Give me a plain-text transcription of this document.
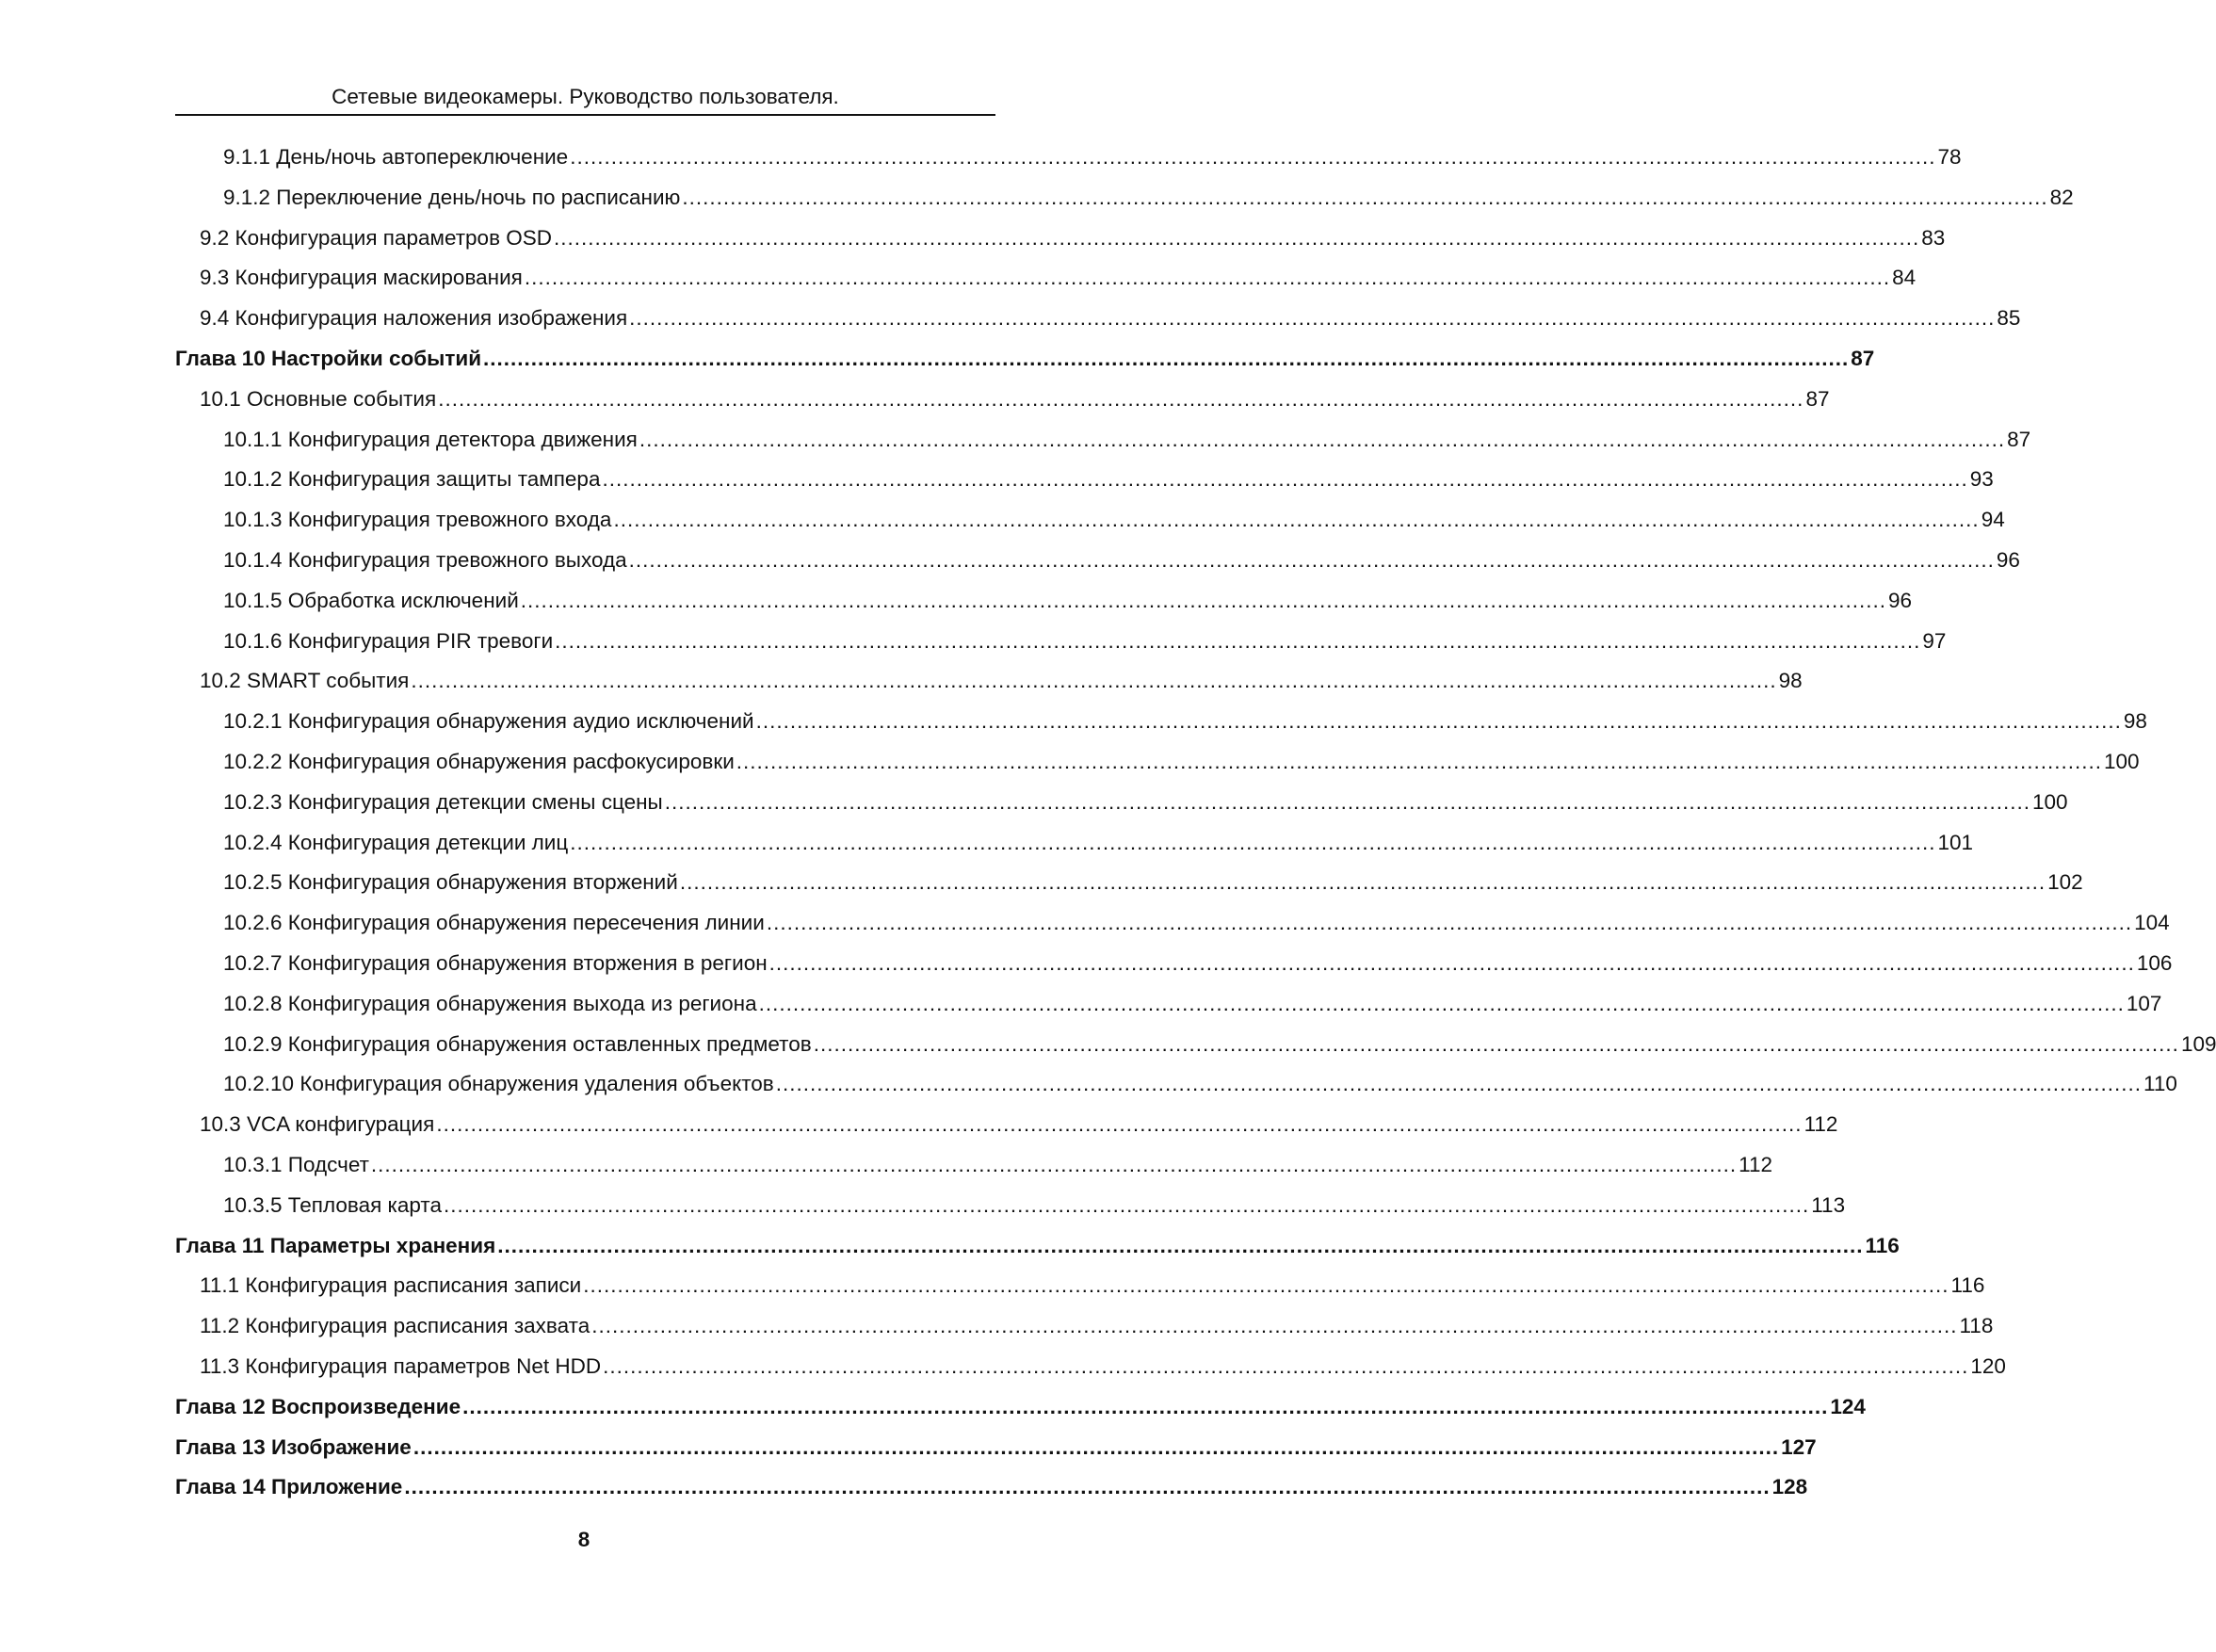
Сетевые видеокамеры. Руководство пользователя.
9.1.1 День/ночь автопереключение ........................................................................................................................................................................................................ 78
9.1.2 Переключение день/ночь по расписанию ........................................................................................................................................................................................................ 82
9.2 Конфигурация параметров OSD ........................................................................................................................................................................................................ 83
9.3 Конфигурация маскирования ........................................................................................................................................................................................................ 84
9.4 Конфигурация наложения изображения ........................................................................................................................................................................................................ 85
Глава 10 Настройки событий ........................................................................................................................................................................................................ 87
10.1 Основные события ........................................................................................................................................................................................................ 87
10.1.1 Конфигурация детектора движения ........................................................................................................................................................................................................ 87
10.1.2 Конфигурация защиты тампера ........................................................................................................................................................................................................ 93
10.1.3 Конфигурация тревожного входа ........................................................................................................................................................................................................ 94
10.1.4 Конфигурация тревожного выхода ........................................................................................................................................................................................................ 96
10.1.5 Обработка исключений ........................................................................................................................................................................................................ 96
10.1.6 Конфигурация PIR тревоги ........................................................................................................................................................................................................ 97
10.2 SMART события ........................................................................................................................................................................................................ 98
10.2.1 Конфигурация обнаружения аудио исключений ........................................................................................................................................................................................................ 98
10.2.2 Конфигурация обнаружения расфокусировки ........................................................................................................................................................................................................ 100
10.2.3 Конфигурация детекции смены сцены ........................................................................................................................................................................................................ 100
10.2.4 Конфигурация детекции лиц ........................................................................................................................................................................................................ 101
10.2.5 Конфигурация обнаружения вторжений ........................................................................................................................................................................................................ 102
10.2.6 Конфигурация обнаружения пересечения линии ........................................................................................................................................................................................................ 104
10.2.7 Конфигурация обнаружения вторжения в регион ........................................................................................................................................................................................................ 106
10.2.8 Конфигурация обнаружения выхода из региона ........................................................................................................................................................................................................ 107
10.2.9 Конфигурация обнаружения оставленных предметов ........................................................................................................................................................................................................ 109
10.2.10 Конфигурация обнаружения удаления объектов ........................................................................................................................................................................................................ 110
10.3 VCA конфигурация ........................................................................................................................................................................................................ 112
10.3.1 Подсчет ........................................................................................................................................................................................................ 112
10.3.5 Тепловая карта ........................................................................................................................................................................................................ 113
Глава 11 Параметры хранения ........................................................................................................................................................................................................ 116
11.1 Конфигурация расписания записи ........................................................................................................................................................................................................ 116
11.2 Конфигурация расписания захвата ........................................................................................................................................................................................................ 118
11.3 Конфигурация параметров Net HDD ........................................................................................................................................................................................................ 120
Глава 12 Воспроизведение ........................................................................................................................................................................................................ 124
Глава 13 Изображение ........................................................................................................................................................................................................ 127
Глава 14 Приложение ........................................................................................................................................................................................................ 128
8
